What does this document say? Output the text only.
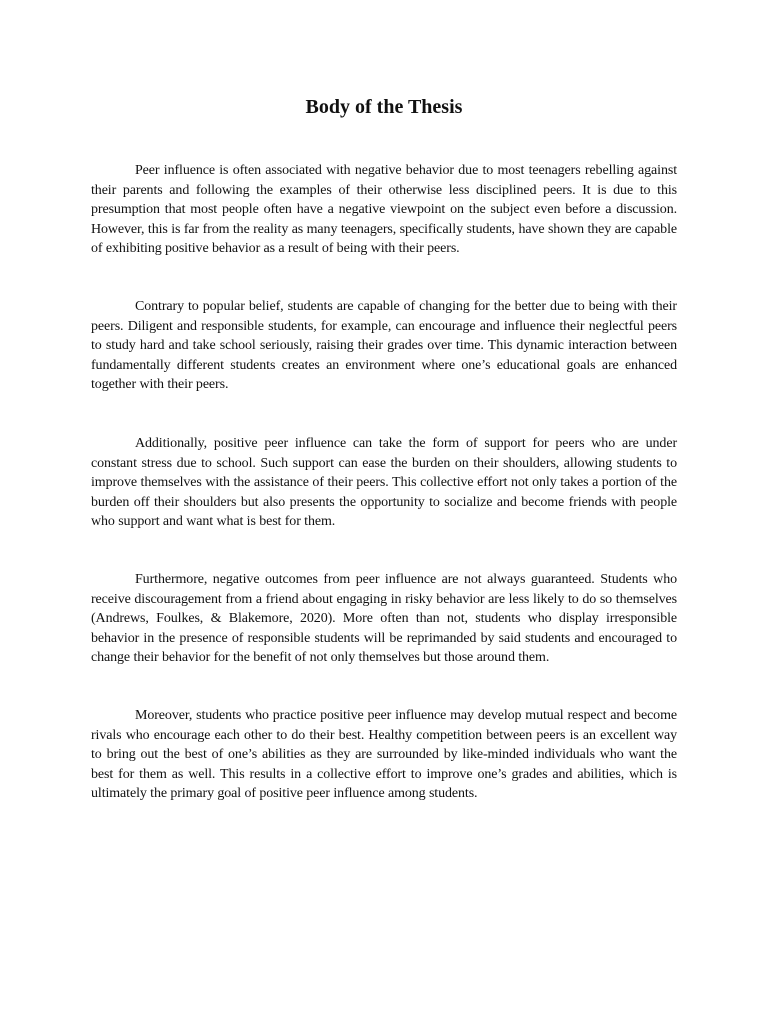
Body of the Thesis

Peer influence is often associated with negative behavior due to most teenagers rebelling against their parents and following the examples of their otherwise less disciplined peers. It is due to this presumption that most people often have a negative viewpoint on the subject even before a discussion. However, this is far from the reality as many teenagers, specifically students, have shown they are capable of exhibiting positive behavior as a result of being with their peers.

Contrary to popular belief, students are capable of changing for the better due to being with their peers. Diligent and responsible students, for example, can encourage and influence their neglectful peers to study hard and take school seriously, raising their grades over time. This dynamic interaction between fundamentally different students creates an environment where one’s educational goals are enhanced together with their peers.

Additionally, positive peer influence can take the form of support for peers who are under constant stress due to school. Such support can ease the burden on their shoulders, allowing students to improve themselves with the assistance of their peers. This collective effort not only takes a portion of the burden off their shoulders but also presents the opportunity to socialize and become friends with people who support and want what is best for them.

Furthermore, negative outcomes from peer influence are not always guaranteed. Students who receive discouragement from a friend about engaging in risky behavior are less likely to do so themselves (Andrews, Foulkes, & Blakemore, 2020). More often than not, students who display irresponsible behavior in the presence of responsible students will be reprimanded by said students and encouraged to change their behavior for the benefit of not only themselves but those around them.

Moreover, students who practice positive peer influence may develop mutual respect and become rivals who encourage each other to do their best. Healthy competition between peers is an excellent way to bring out the best of one’s abilities as they are surrounded by like-minded individuals who want the best for them as well. This results in a collective effort to improve one’s grades and abilities, which is ultimately the primary goal of positive peer influence among students.
